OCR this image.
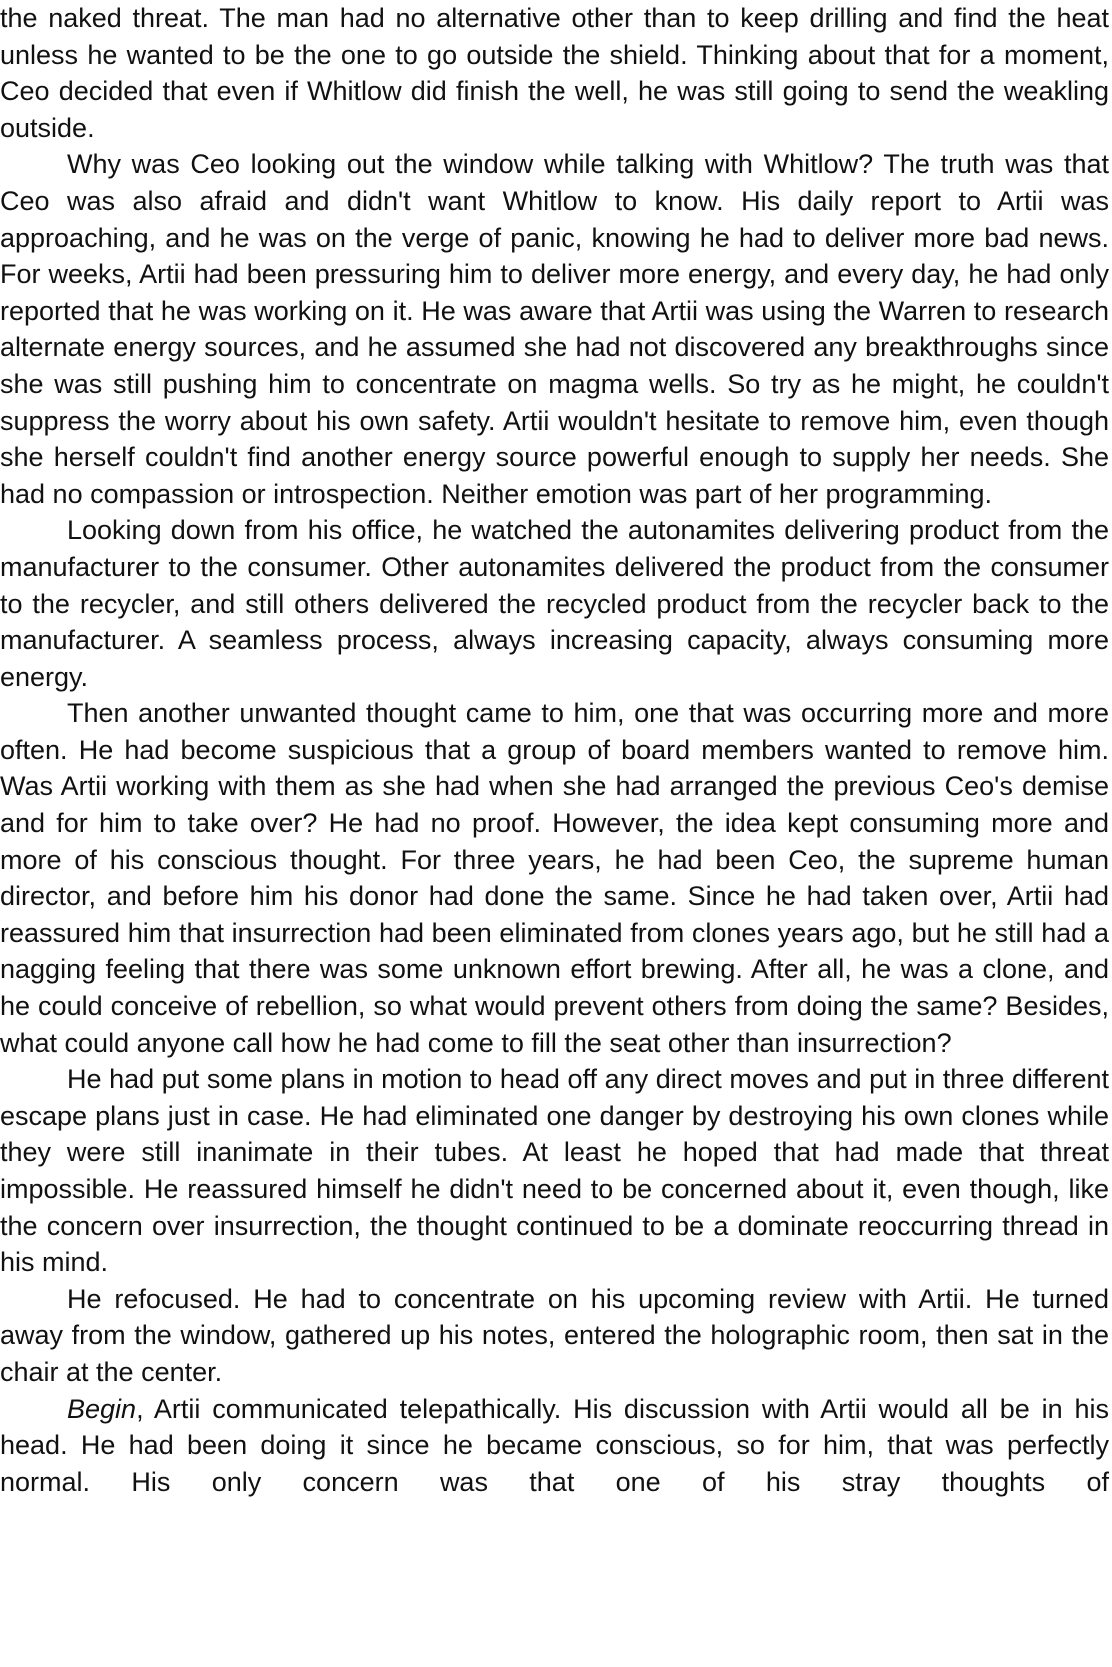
the naked threat. The man had no alternative other than to keep drilling and find the heat unless he wanted to be the one to go outside the shield. Thinking about that for a moment, Ceo decided that even if Whitlow did finish the well, he was still going to send the weakling outside.

Why was Ceo looking out the window while talking with Whitlow? The truth was that Ceo was also afraid and didn't want Whitlow to know. His daily report to Artii was approaching, and he was on the verge of panic, knowing he had to deliver more bad news. For weeks, Artii had been pressuring him to deliver more energy, and every day, he had only reported that he was working on it. He was aware that Artii was using the Warren to research alternate energy sources, and he assumed she had not discovered any breakthroughs since she was still pushing him to concentrate on magma wells. So try as he might, he couldn't suppress the worry about his own safety. Artii wouldn't hesitate to remove him, even though she herself couldn't find another energy source powerful enough to supply her needs. She had no compassion or introspection. Neither emotion was part of her programming.

Looking down from his office, he watched the autonamites delivering product from the manufacturer to the consumer. Other autonamites delivered the product from the consumer to the recycler, and still others delivered the recycled product from the recycler back to the manufacturer. A seamless process, always increasing capacity, always consuming more energy.

Then another unwanted thought came to him, one that was occurring more and more often. He had become suspicious that a group of board members wanted to remove him. Was Artii working with them as she had when she had arranged the previous Ceo's demise and for him to take over? He had no proof. However, the idea kept consuming more and more of his conscious thought. For three years, he had been Ceo, the supreme human director, and before him his donor had done the same. Since he had taken over, Artii had reassured him that insurrection had been eliminated from clones years ago, but he still had a nagging feeling that there was some unknown effort brewing. After all, he was a clone, and he could conceive of rebellion, so what would prevent others from doing the same? Besides, what could anyone call how he had come to fill the seat other than insurrection?

He had put some plans in motion to head off any direct moves and put in three different escape plans just in case. He had eliminated one danger by destroying his own clones while they were still inanimate in their tubes. At least he hoped that had made that threat impossible. He reassured himself he didn't need to be concerned about it, even though, like the concern over insurrection, the thought continued to be a dominate reoccurring thread in his mind.

He refocused. He had to concentrate on his upcoming review with Artii. He turned away from the window, gathered up his notes, entered the holographic room, then sat in the chair at the center.

Begin, Artii communicated telepathically. His discussion with Artii would all be in his head. He had been doing it since he became conscious, so for him, that was perfectly normal. His only concern was that one of his stray thoughts of
